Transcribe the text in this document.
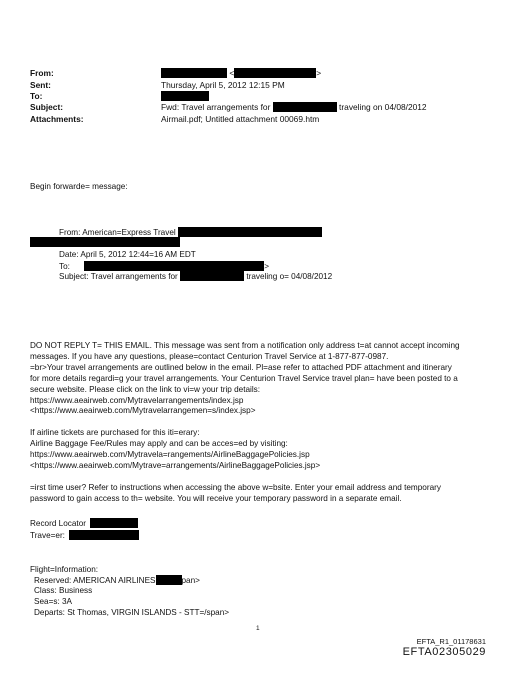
From:	<	>
Sent:	Thursday, April 5, 2012 12:15 PM
To:
Subject:	Fwd: Travel arrangements for	traveling on 04/08/2012
Attachments:	Airmail.pdf; Untitled attachment 00069.htm
Begin forwarde= message:
From: American=Express Travel
Date: April 5, 2012 12:44=16 AM EDT
To:	>
Subject: Travel arrangements for	traveling o= 04/08/2012
DO NOT REPLY T= THIS EMAIL. This message was sent from a notification only address t=at cannot accept incoming
messages. If you have any questions, please=contact Centurion Travel Service at 1-877-877-0987.
=br>Your travel arrangements are outlined below in the email. Pl=ase refer to attached PDF attachment and itinerary
for more details regardi=g your travel arrangements. Your Centurion Travel Service travel plan= have been posted to a
secure website. Please click on the link to vi=w your trip details:
https://www.aeairweb.com/Mytravelarrangements/index.jsp
<https://www.aeairweb.com/Mytravelarrangemen=s/index.jsp>
If airline tickets are purchased for this iti=erary:
Airline Baggage Fee/Rules may apply and can be acces=ed by visiting:
https://www.aeairweb.com/Mytravela=rangements/AirlineBaggagePolicies.jsp
<https://www.aeairweb.com/Mytrave=arrangements/AirlineBaggagePolicies.jsp>
=irst time user? Refer to instructions when accessing the above w=bsite. Enter your email address and temporary
password to gain access to th= website. You will receive your temporary password in a separate email.
Record Locator
Trave=er:
Flight=Information:
Reserved: AMERICAN AIRLINES	pan>
Class: Business
Sea=s: 3A
Departs: St Thomas, VIRGIN ISLANDS - STT=/span>
1
EFTA_R1_01178631
EFTA02305029
